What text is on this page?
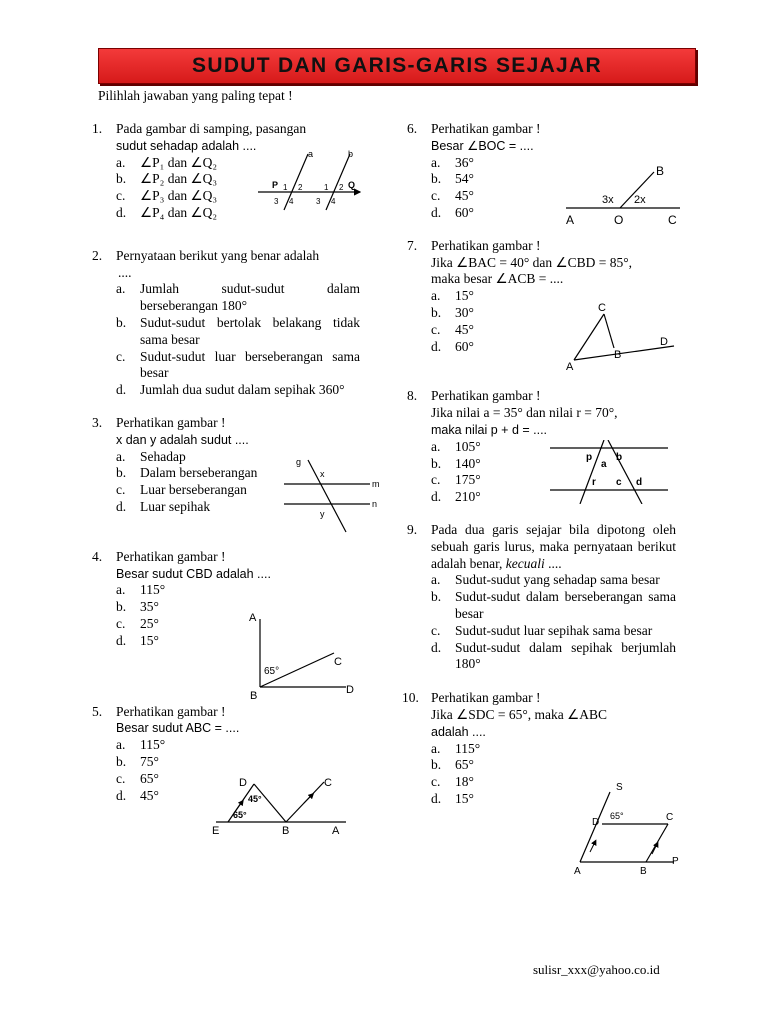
SUDUT DAN GARIS-GARIS SEJAJAR
Pilihlah jawaban yang paling tepat !
1. Pada gambar di samping, pasangan
sudut sehadap adalah ....
a. ∠P₁ dan ∠Q₂
b. ∠P₂ dan ∠Q₃
c. ∠P₃ dan ∠Q₃
d. ∠P₄ dan ∠Q₂
2. Pernyataan berikut yang benar adalah
....
a. Jumlah sudut-sudut dalam berseberangan 180°
b. Sudut-sudut bertolak belakang tidak sama besar
c. Sudut-sudut luar berseberangan sama besar
d. Jumlah dua sudut dalam sepihak 360°
3. Perhatikan gambar !
x dan y adalah sudut ....
a. Sehadap
b. Dalam berseberangan
c. Luar berseberangan
d. Luar sepihak
4. Perhatikan gambar !
Besar sudut CBD adalah ....
a. 115°
b. 35°
c. 25°
d. 15°
5. Perhatikan gambar !
Besar sudut ABC = ....
a. 115°
b. 75°
c. 65°
d. 45°
6. Perhatikan gambar !
Besar ∠BOC = ....
a. 36°
b. 54°
c. 45°
d. 60°
7. Perhatikan gambar !
Jika ∠BAC = 40° dan ∠CBD = 85°,
maka besar ∠ACB = ....
a. 15°
b. 30°
c. 45°
d. 60°
8. Perhatikan gambar !
Jika nilai a = 35° dan nilai r = 70°,
maka nilai p + d = ....
a. 105°
b. 140°
c. 175°
d. 210°
9. Pada dua garis sejajar bila dipotong oleh sebuah garis lurus, maka pernyataan berikut adalah benar, kecuali ....
a. Sudut-sudut yang sehadap sama besar
b. Sudut-sudut dalam berseberangan sama besar
c. Sudut-sudut luar sepihak sama besar
d. Sudut-sudut dalam sepihak berjumlah 180°
10. Perhatikan gambar !
Jika ∠SDC = 65°, maka ∠ABC
adalah ....
a. 115°
b. 65°
c. 18°
d. 15°
a	b
P	Q
1 2
3 4
1 2
3 4
g
x
m
n
y
A
65°
C
B	D
D	C
45°
65°
E	B	A
B
3x 2x
A	O	C
C
D
B
A
p b
a
r c d
S
D
65°	C
A	B
P
sulisr_xxx@yahoo.co.id
